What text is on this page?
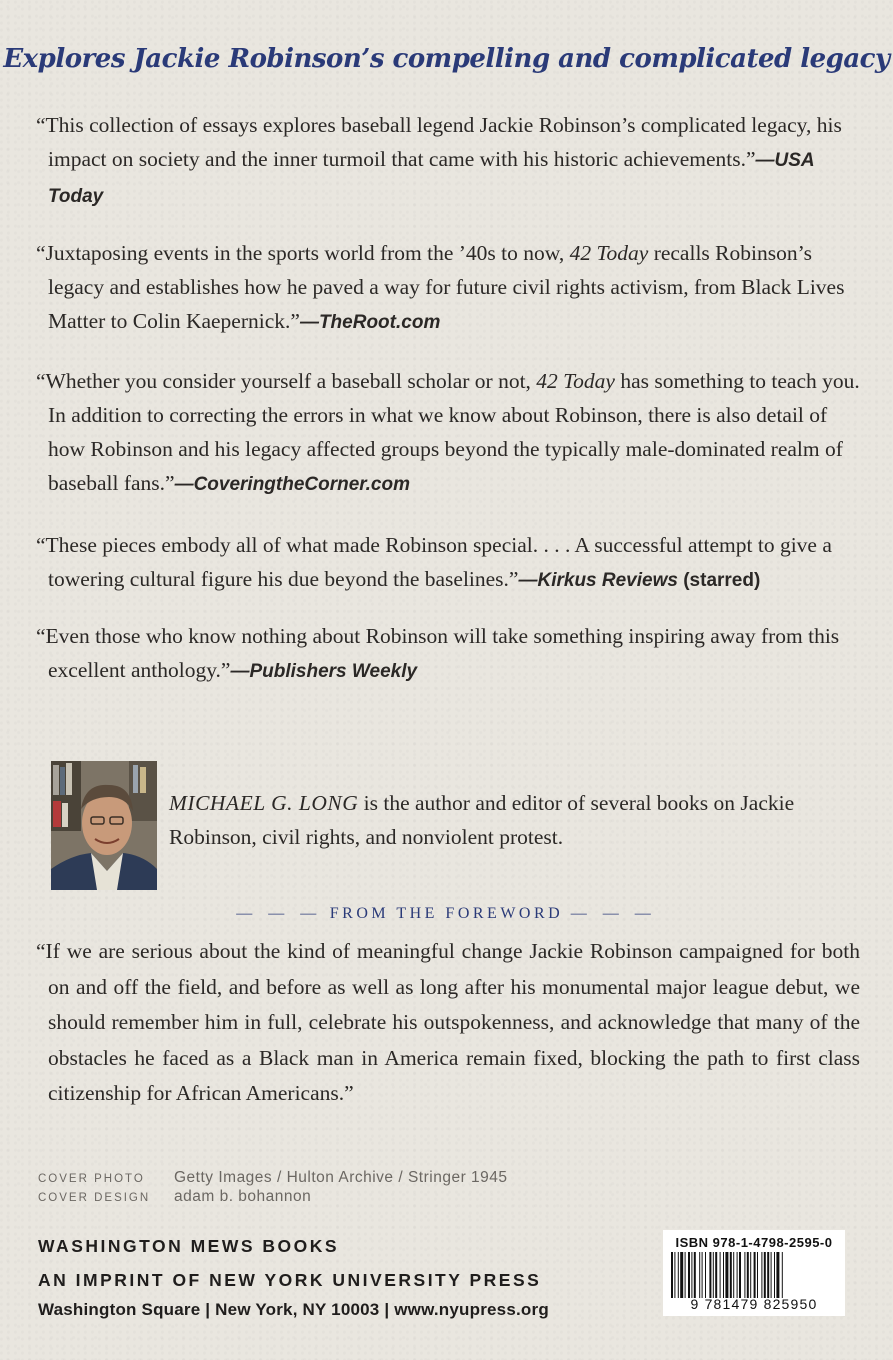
Explores Jackie Robinson’s compelling and complicated legacy
“This collection of essays explores baseball legend Jackie Robinson’s complicated legacy, his impact on society and the inner turmoil that came with his historic achievements.”—USA Today
“Juxtaposing events in the sports world from the ’40s to now, 42 Today recalls Robinson’s legacy and establishes how he paved a way for future civil rights activism, from Black Lives Matter to Colin Kaepernick.”—TheRoot.com
“Whether you consider yourself a baseball scholar or not, 42 Today has something to teach you. In addition to correcting the errors in what we know about Robinson, there is also detail of how Robinson and his legacy affected groups beyond the typically male-dominated realm of baseball fans.”—CoveringtheCorner.com
“These pieces embody all of what made Robinson special. . . . A successful attempt to give a towering cultural figure his due beyond the baselines.”—Kirkus Reviews (starred)
“Even those who know nothing about Robinson will take something inspiring away from this excellent anthology.”—Publishers Weekly
MICHAEL G. LONG is the author and editor of several books on Jackie Robinson, civil rights, and nonviolent protest.
— — — FROM THE FOREWORD — — —
“If we are serious about the kind of meaningful change Jackie Robinson campaigned for both on and off the field, and before as well as long after his monumental major league debut, we should remember him in full, celebrate his outspokenness, and acknowledge that many of the obstacles he faced as a Black man in America remain fixed, blocking the path to first class citizenship for African Americans.”
COVER PHOTO	Getty Images / Hulton Archive / Stringer 1945
COVER DESIGN	adam b. bohannon
WASHINGTON MEWS BOOKS
AN IMPRINT OF NEW YORK UNIVERSITY PRESS
Washington Square | New York, NY 10003 | www.nyupress.org
ISBN 978-1-4798-2595-0
9 781479 825950
